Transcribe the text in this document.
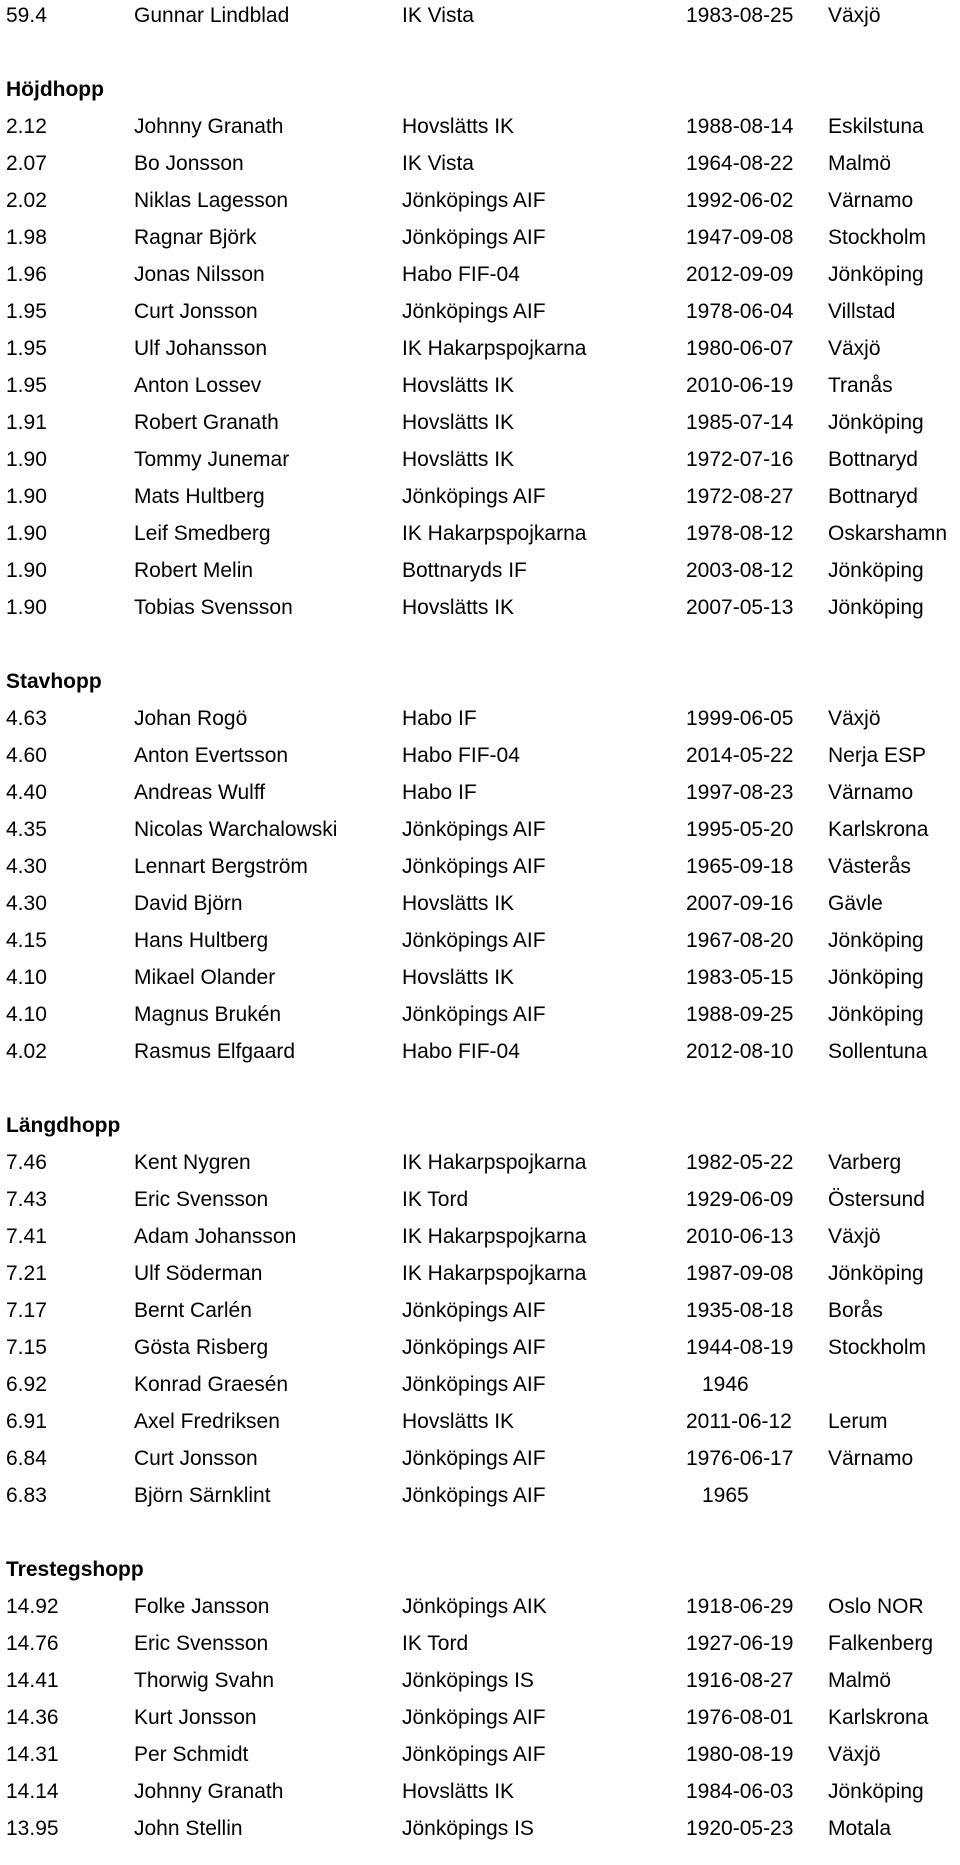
59.4	Gunnar Lindblad	IK Vista	1983-08-25 Växjö
Höjdhopp
2.12	Johnny Granath	Hovslätts IK	1988-08-14 Eskilstuna
2.07	Bo Jonsson	IK Vista	1964-08-22 Malmö
2.02	Niklas Lagesson	Jönköpings AIF	1992-06-02 Värnamo
1.98	Ragnar Björk	Jönköpings AIF	1947-09-08 Stockholm
1.96	Jonas Nilsson	Habo FIF-04	2012-09-09 Jönköping
1.95	Curt Jonsson	Jönköpings AIF	1978-06-04 Villstad
1.95	Ulf Johansson	IK Hakarpspojkarna	1980-06-07 Växjö
1.95	Anton Lossev	Hovslätts IK	2010-06-19 Tranås
1.91	Robert Granath	Hovslätts IK	1985-07-14 Jönköping
1.90	Tommy Junemar	Hovslätts IK	1972-07-16 Bottnaryd
1.90	Mats Hultberg	Jönköpings AIF	1972-08-27 Bottnaryd
1.90	Leif Smedberg	IK Hakarpspojkarna	1978-08-12 Oskarshamn
1.90	Robert Melin	Bottnaryds IF	2003-08-12 Jönköping
1.90	Tobias Svensson	Hovslätts IK	2007-05-13 Jönköping
Stavhopp
4.63	Johan Rogö	Habo IF	1999-06-05 Växjö
4.60	Anton Evertsson	Habo FIF-04	2014-05-22 Nerja ESP
4.40	Andreas Wulff	Habo IF	1997-08-23 Värnamo
4.35	Nicolas Warchalowski	Jönköpings AIF	1995-05-20 Karlskrona
4.30	Lennart Bergström	Jönköpings AIF	1965-09-18 Västerås
4.30	David Björn	Hovslätts IK	2007-09-16 Gävle
4.15	Hans Hultberg	Jönköpings AIF	1967-08-20 Jönköping
4.10	Mikael Olander	Hovslätts IK	1983-05-15 Jönköping
4.10	Magnus Brukén	Jönköpings AIF	1988-09-25 Jönköping
4.02	Rasmus Elfgaard	Habo FIF-04	2012-08-10 Sollentuna
Längdhopp
7.46	Kent Nygren	IK Hakarpspojkarna	1982-05-22 Varberg
7.43	Eric Svensson	IK Tord	1929-06-09 Östersund
7.41	Adam Johansson	IK Hakarpspojkarna	2010-06-13 Växjö
7.21	Ulf Söderman	IK Hakarpspojkarna	1987-09-08 Jönköping
7.17	Bernt Carlén	Jönköpings AIF	1935-08-18 Borås
7.15	Gösta Risberg	Jönköpings AIF	1944-08-19 Stockholm
6.92	Konrad Graesén	Jönköpings AIF	1946
6.91	Axel Fredriksen	Hovslätts IK	2011-06-12 Lerum
6.84	Curt Jonsson	Jönköpings AIF	1976-06-17 Värnamo
6.83	Björn Särnklint	Jönköpings AIF	1965
Trestegshopp
14.92	Folke Jansson	Jönköpings AIK	1918-06-29 Oslo NOR
14.76	Eric Svensson	IK Tord	1927-06-19 Falkenberg
14.41	Thorwig Svahn	Jönköpings IS	1916-08-27 Malmö
14.36	Kurt Jonsson	Jönköpings AIF	1976-08-01 Karlskrona
14.31	Per Schmidt	Jönköpings AIF	1980-08-19 Växjö
14.14	Johnny Granath	Hovslätts IK	1984-06-03 Jönköping
13.95	John Stellin	Jönköpings IS	1920-05-23 Motala
